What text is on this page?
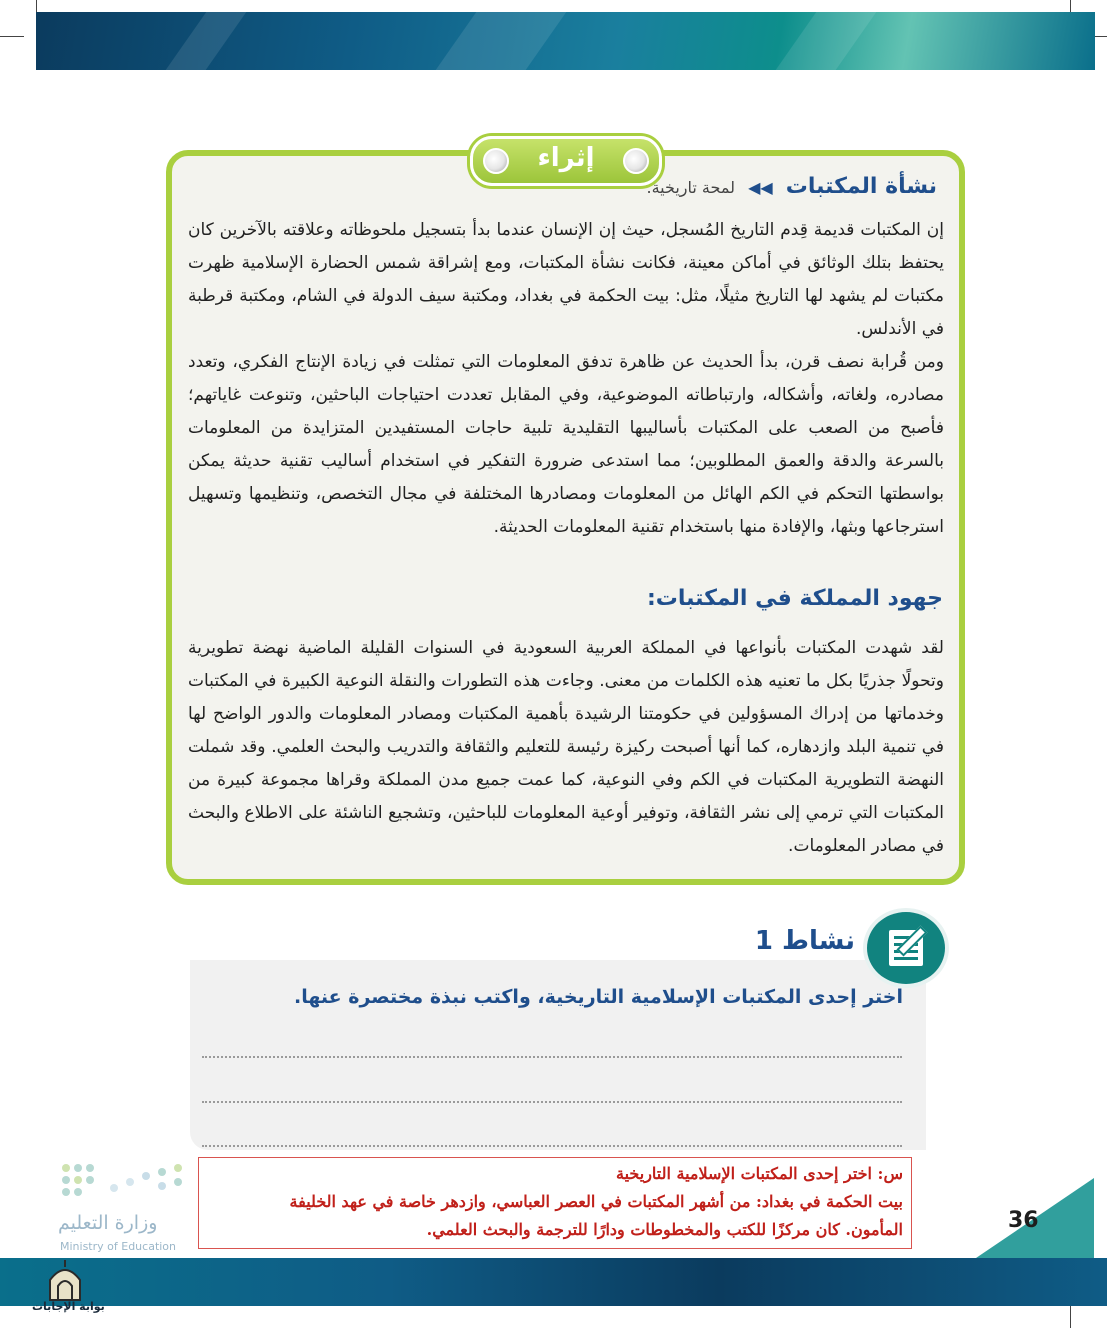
إثراء
نشأة المكتبات ◀◀ لمحة تاريخية.
إن المكتبات قديمة قِدم التاريخ المُسجل، حيث إن الإنسان عندما بدأ بتسجيل ملحوظاته وعلاقته بالآخرين كان يحتفظ بتلك الوثائق في أماكن معينة، فكانت نشأة المكتبات، ومع إشراقة شمس الحضارة الإسلامية ظهرت مكتبات لم يشهد لها التاريخ مثيلًا، مثل: بيت الحكمة في بغداد، ومكتبة سيف الدولة في الشام، ومكتبة قرطبة في الأندلس.
ومن قُرابة نصف قرن، بدأ الحديث عن ظاهرة تدفق المعلومات التي تمثلت في زيادة الإنتاج الفكري، وتعدد مصادره، ولغاته، وأشكاله، وارتباطاته الموضوعية، وفي المقابل تعددت احتياجات الباحثين، وتنوعت غاياتهم؛ فأصبح من الصعب على المكتبات بأساليبها التقليدية تلبية حاجات المستفيدين المتزايدة من المعلومات بالسرعة والدقة والعمق المطلوبين؛ مما استدعى ضرورة التفكير في استخدام أساليب تقنية حديثة يمكن بواسطتها التحكم في الكم الهائل من المعلومات ومصادرها المختلفة في مجال التخصص، وتنظيمها وتسهيل استرجاعها وبثها، والإفادة منها باستخدام تقنية المعلومات الحديثة.
جهود المملكة في المكتبات:
لقد شهدت المكتبات بأنواعها في المملكة العربية السعودية في السنوات القليلة الماضية نهضة تطويرية وتحولًا جذريًا بكل ما تعنيه هذه الكلمات من معنى. وجاءت هذه التطورات والنقلة النوعية الكبيرة في المكتبات وخدماتها من إدراك المسؤولين في حكومتنا الرشيدة بأهمية المكتبات ومصادر المعلومات والدور الواضح لها في تنمية البلد وازدهاره، كما أنها أصبحت ركيزة رئيسة للتعليم والثقافة والتدريب والبحث العلمي. وقد شملت النهضة التطويرية المكتبات في الكم وفي النوعية، كما عمت جميع مدن المملكة وقراها مجموعة كبيرة من المكتبات التي ترمي إلى نشر الثقافة، وتوفير أوعية المعلومات للباحثين، وتشجيع الناشئة على الاطلاع والبحث في مصادر المعلومات.
نشاط 1
اختر إحدى المكتبات الإسلامية التاريخية، واكتب نبذة مختصرة عنها.
س: اختر إحدى المكتبات الإسلامية التاريخية
بيت الحكمة في بغداد: من أشهر المكتبات في العصر العباسي، وازدهر خاصة في عهد الخليفة
المأمون. كان مركزًا للكتب والمخطوطات ودارًا للترجمة والبحث العلمي.	36
وزارة التعليم
Ministry of Education
بوابة الإجابات
